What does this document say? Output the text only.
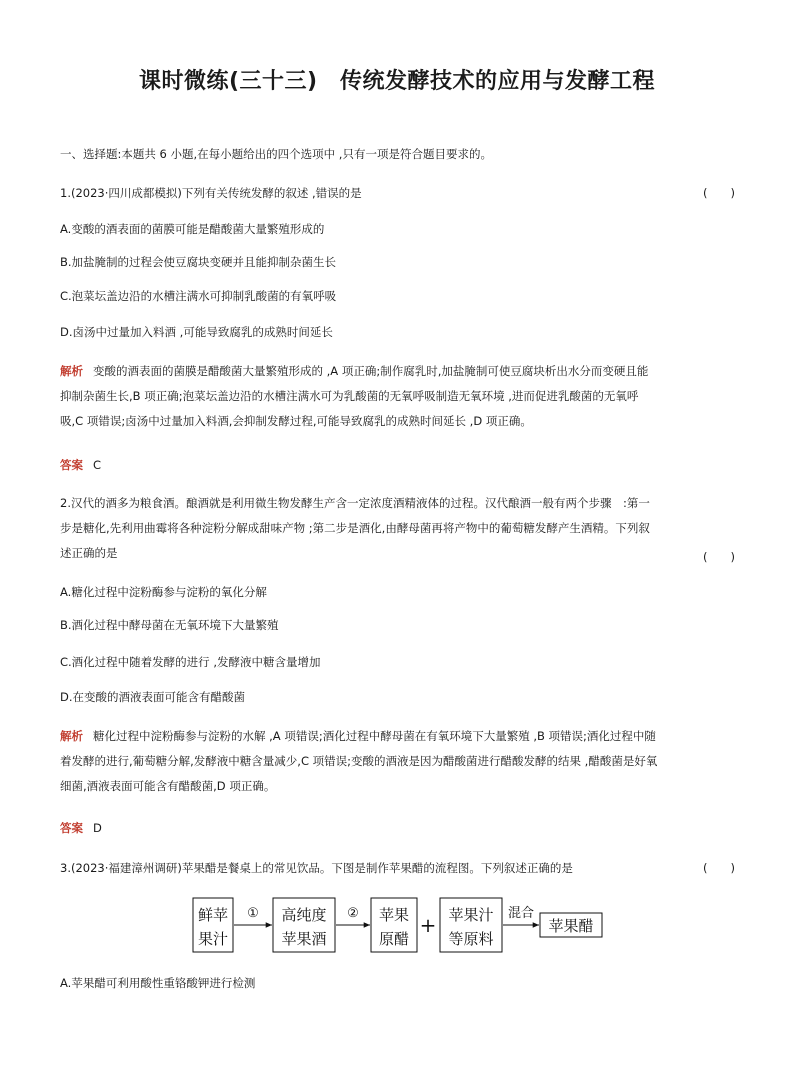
课时微练(三十三)　传统发酵技术的应用与发酵工程
一、选择题:本题共 6 小题,在每小题给出的四个选项中 ,只有一项是符合题目要求的。
1.(2023·四川成都模拟)下列有关传统发酵的叙述 ,错误的是	(　　)
A.变酸的酒表面的菌膜可能是醋酸菌大量繁殖形成的
B.加盐腌制的过程会使豆腐块变硬并且能抑制杂菌生长
C.泡菜坛盖边沿的水槽注满水可抑制乳酸菌的有氧呼吸
D.卤汤中过量加入料酒 ,可能导致腐乳的成熟时间延长

解析 变酸的酒表面的菌膜是醋酸菌大量繁殖形成的 ,A 项正确;制作腐乳时,加盐腌制可使豆腐块析出水分而变硬且能

抑制杂菌生长,B 项正确;泡菜坛盖边沿的水槽注满水可为乳酸菌的无氧呼吸制造无氧环境 ,进而促进乳酸菌的无氧呼

吸,C 项错误;卤汤中过量加入料酒,会抑制发酵过程,可能导致腐乳的成熟时间延长 ,D 项正确。

答案 C

2.汉代的酒多为粮食酒。酿酒就是利用微生物发酵生产含一定浓度酒精液体的过程。汉代酿酒一般有两个步骤　:第一

步是糖化,先利用曲霉将各种淀粉分解成甜味产物 ;第二步是酒化,由酵母菌再将产物中的葡萄糖发酵产生酒精。下列叙

述正确的是	(　　)
A.糖化过程中淀粉酶参与淀粉的氧化分解
B.酒化过程中酵母菌在无氧环境下大量繁殖
C.酒化过程中随着发酵的进行 ,发酵液中糖含量增加
D.在变酸的酒液表面可能含有醋酸菌

解析 糖化过程中淀粉酶参与淀粉的水解 ,A 项错误;酒化过程中酵母菌在有氧环境下大量繁殖 ,B 项错误;酒化过程中随

着发酵的进行,葡萄糖分解,发酵液中糖含量减少,C 项错误;变酸的酒液是因为醋酸菌进行醋酸发酵的结果 ,醋酸菌是好氧

细菌,酒液表面可能含有醋酸菌,D 项正确。

答案 D
3.(2023·福建漳州调研)苹果醋是餐桌上的常见饮品。下图是制作苹果醋的流程图。下列叙述正确的是	(　　)
鲜苹
果汁
① 高纯度
苹果酒
② 苹果
原醋
+ 苹果汁
等原料
混合
苹果醋
A.苹果醋可利用酸性重铬酸钾进行检测
